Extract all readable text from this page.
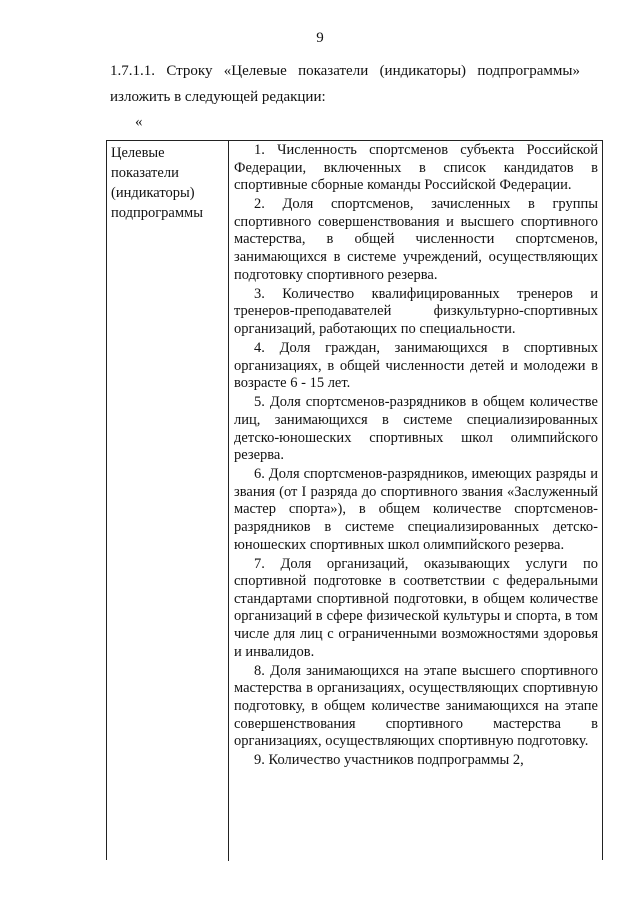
9
1.7.1.1. Строку «Целевые показатели (индикаторы) подпрограммы»
изложить в следующей редакции:
«
Целевые
показатели
(индикаторы)
подпрограммы

1. Численность спортсменов субъекта Российской Федерации, включенных в список кандидатов в спортивные сборные команды Российской Федерации.

2. Доля спортсменов, зачисленных в группы спортивного совершенствования и высшего спортивного мастерства, в общей численности спортсменов, занимающихся в системе учреждений, осуществляющих подготовку спортивного резерва.

3. Количество квалифицированных тренеров и тренеров-преподавателей физкультурно-спортивных организаций, работающих по специальности.

4. Доля граждан, занимающихся в спортивных организациях, в общей численности детей и молодежи в возрасте 6 - 15 лет.

5. Доля спортсменов-разрядников в общем количестве лиц, занимающихся в системе специализированных детско-юношеских спортивных школ олимпийского резерва.

6. Доля спортсменов-разрядников, имеющих разряды и звания (от I разряда до спортивного звания «Заслуженный мастер спорта»), в общем количестве спортсменов-разрядников в системе специализированных детско-юношеских спортивных школ олимпийского резерва.

7. Доля организаций, оказывающих услуги по спортивной подготовке в соответствии с федеральными стандартами спортивной подготовки, в общем количестве организаций в сфере физической культуры и спорта, в том числе для лиц с ограниченными возможностями здоровья и инвалидов.

8. Доля занимающихся на этапе высшего спортивного мастерства в организациях, осуществляющих спортивную подготовку, в общем количестве занимающихся на этапе совершенствования спортивного мастерства в организациях, осуществляющих спортивную подготовку.

9. Количество участников подпрограммы 2,
